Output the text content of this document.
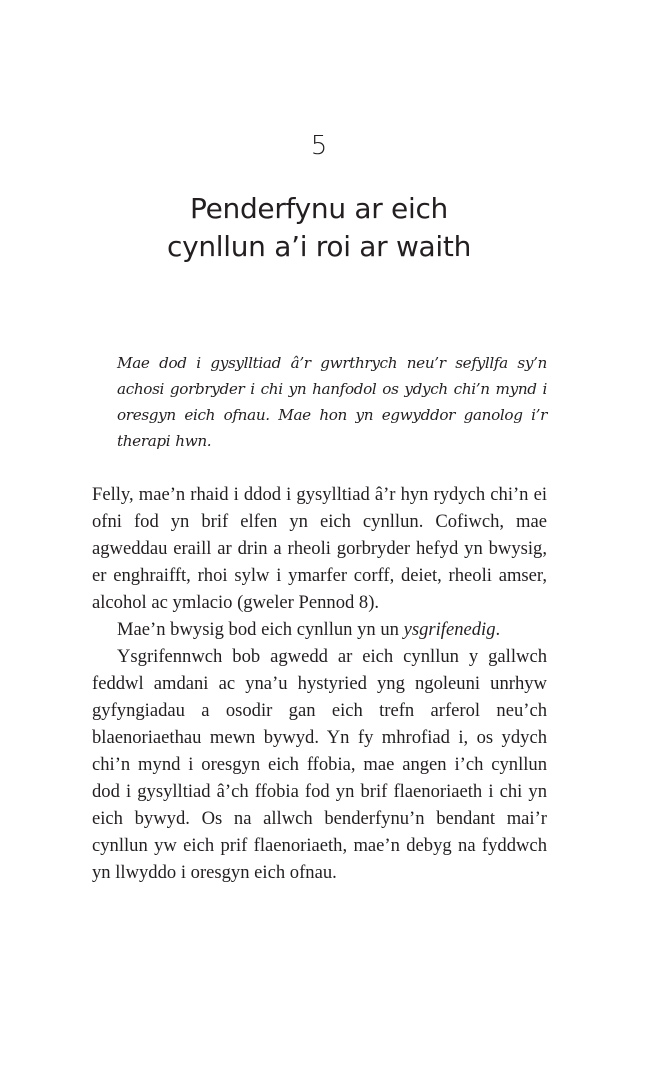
5
Penderfynu ar eich
cynllun a’i roi ar waith
Mae dod i gysylltiad â’r gwrthrych neu’r sefyllfa sy’n achosi gorbryder i chi yn hanfodol os ydych chi’n mynd i oresgyn eich ofnau. Mae hon yn egwyddor ganolog i’r therapi hwn.

Felly, mae’n rhaid i ddod i gysylltiad â’r hyn rydych chi’n ei ofni fod yn brif elfen yn eich cynllun. Cofiwch, mae agweddau eraill ar drin a rheoli gorbryder hefyd yn bwysig, er enghraifft, rhoi sylw i ymarfer corff, deiet, rheoli amser, alcohol ac ymlacio (gweler Pennod 8).

Mae’n bwysig bod eich cynllun yn un ysgrifenedig.

Ysgrifennwch bob agwedd ar eich cynllun y gallwch feddwl amdani ac yna’u hystyried yng ngoleuni unrhyw gyfyngiadau a osodir gan eich trefn arferol neu’ch blaenoriaethau mewn bywyd. Yn fy mhrofiad i, os ydych chi’n mynd i oresgyn eich ffobia, mae angen i’ch cynllun dod i gysylltiad â’ch ffobia fod yn brif flaenoriaeth i chi yn eich bywyd. Os na allwch benderfynu’n bendant mai’r cynllun yw eich prif flaenoriaeth, mae’n debyg na fyddwch yn llwyddo i oresgyn eich ofnau.
